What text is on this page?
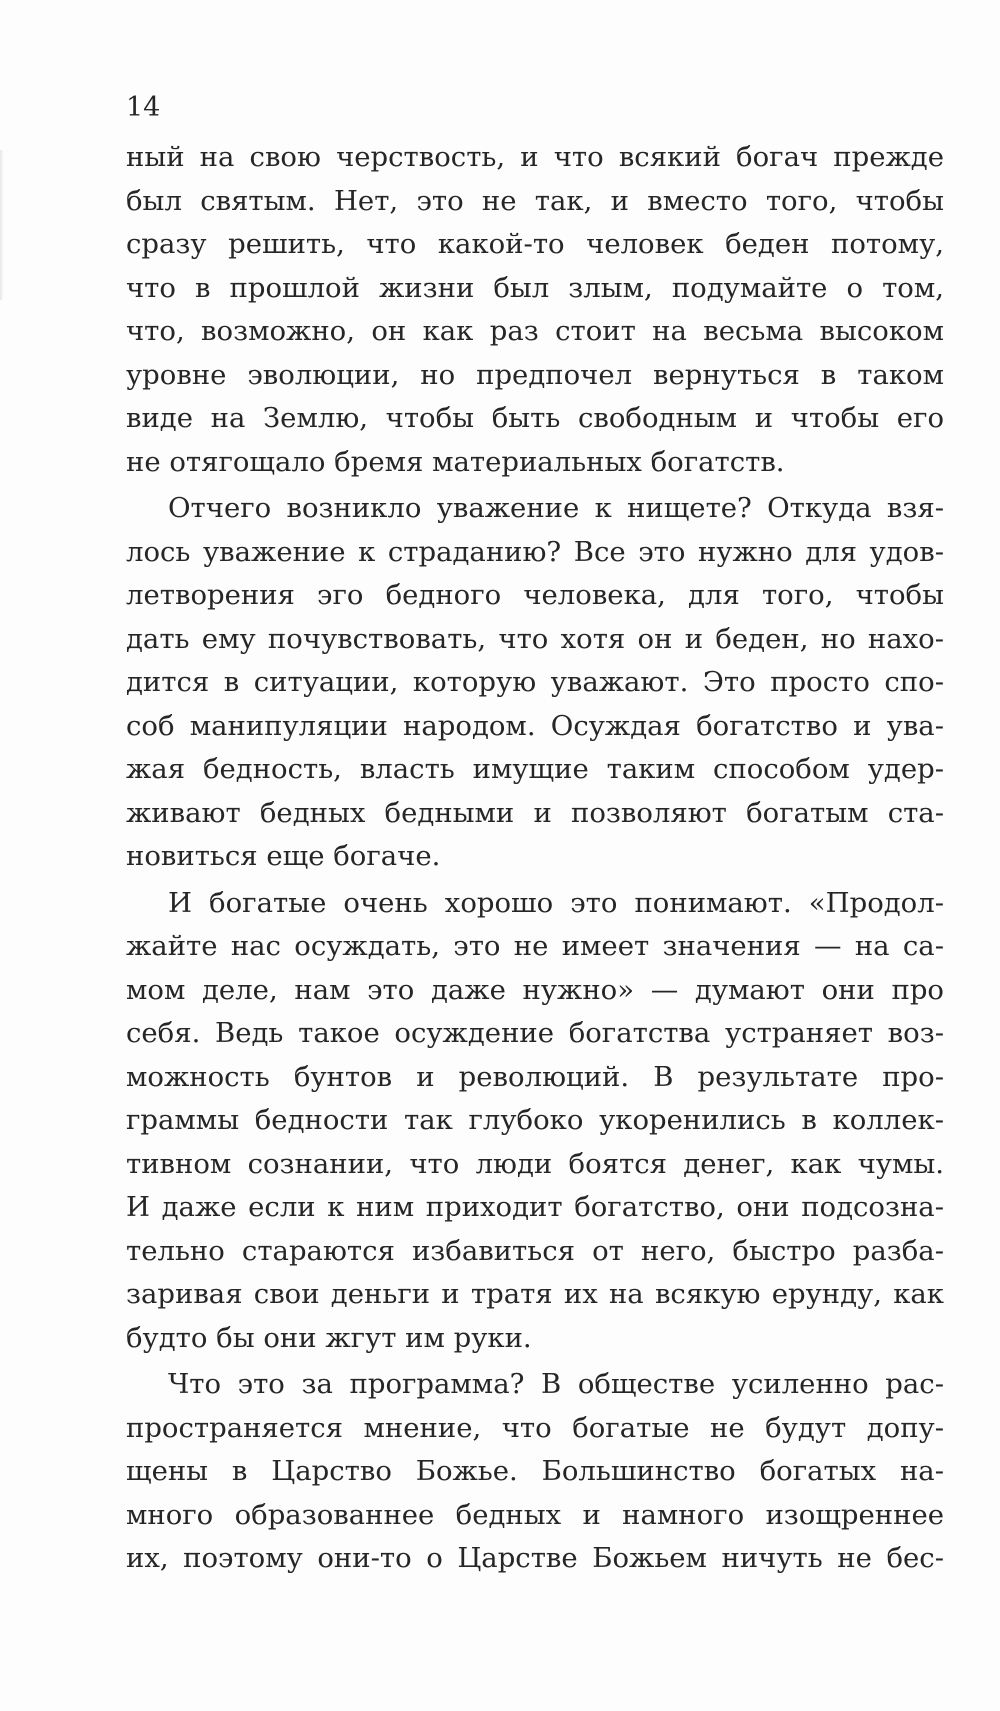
14
ный на свою черствость, и что всякий богач прежде
был святым. Нет, это не так, и вместо того, чтобы
сразу решить, что какой-то человек беден потому,
что в прошлой жизни был злым, подумайте о том,
что, возможно, он как раз стоит на весьма высоком
уровне эволюции, но предпочел вернуться в таком
виде на Землю, чтобы быть свободным и чтобы его
не отягощало бремя материальных богатств.
Отчего возникло уважение к нищете? Откуда взя-
лось уважение к страданию? Все это нужно для удов-
летворения эго бедного человека, для того, чтобы
дать ему почувствовать, что хотя он и беден, но нахо-
дится в ситуации, которую уважают. Это просто спо-
соб манипуляции народом. Осуждая богатство и ува-
жая бедность, власть имущие таким способом удер-
живают бедных бедными и позволяют богатым ста-
новиться еще богаче.
И богатые очень хорошо это понимают. «Продол-
жайте нас осуждать, это не имеет значения — на са-
мом деле, нам это даже нужно» — думают они про
себя. Ведь такое осуждение богатства устраняет воз-
можность бунтов и революций. В результате про-
граммы бедности так глубоко укоренились в коллек-
тивном сознании, что люди боятся денег, как чумы.
И даже если к ним приходит богатство, они подсозна-
тельно стараются избавиться от него, быстро разба-
заривая свои деньги и тратя их на всякую ерунду, как
будто бы они жгут им руки.
Что это за программа? В обществе усиленно рас-
пространяется мнение, что богатые не будут допу-
щены в Царство Божье. Большинство богатых на-
много образованнее бедных и намного изощреннее
их, поэтому они-то о Царстве Божьем ничуть не бес-
